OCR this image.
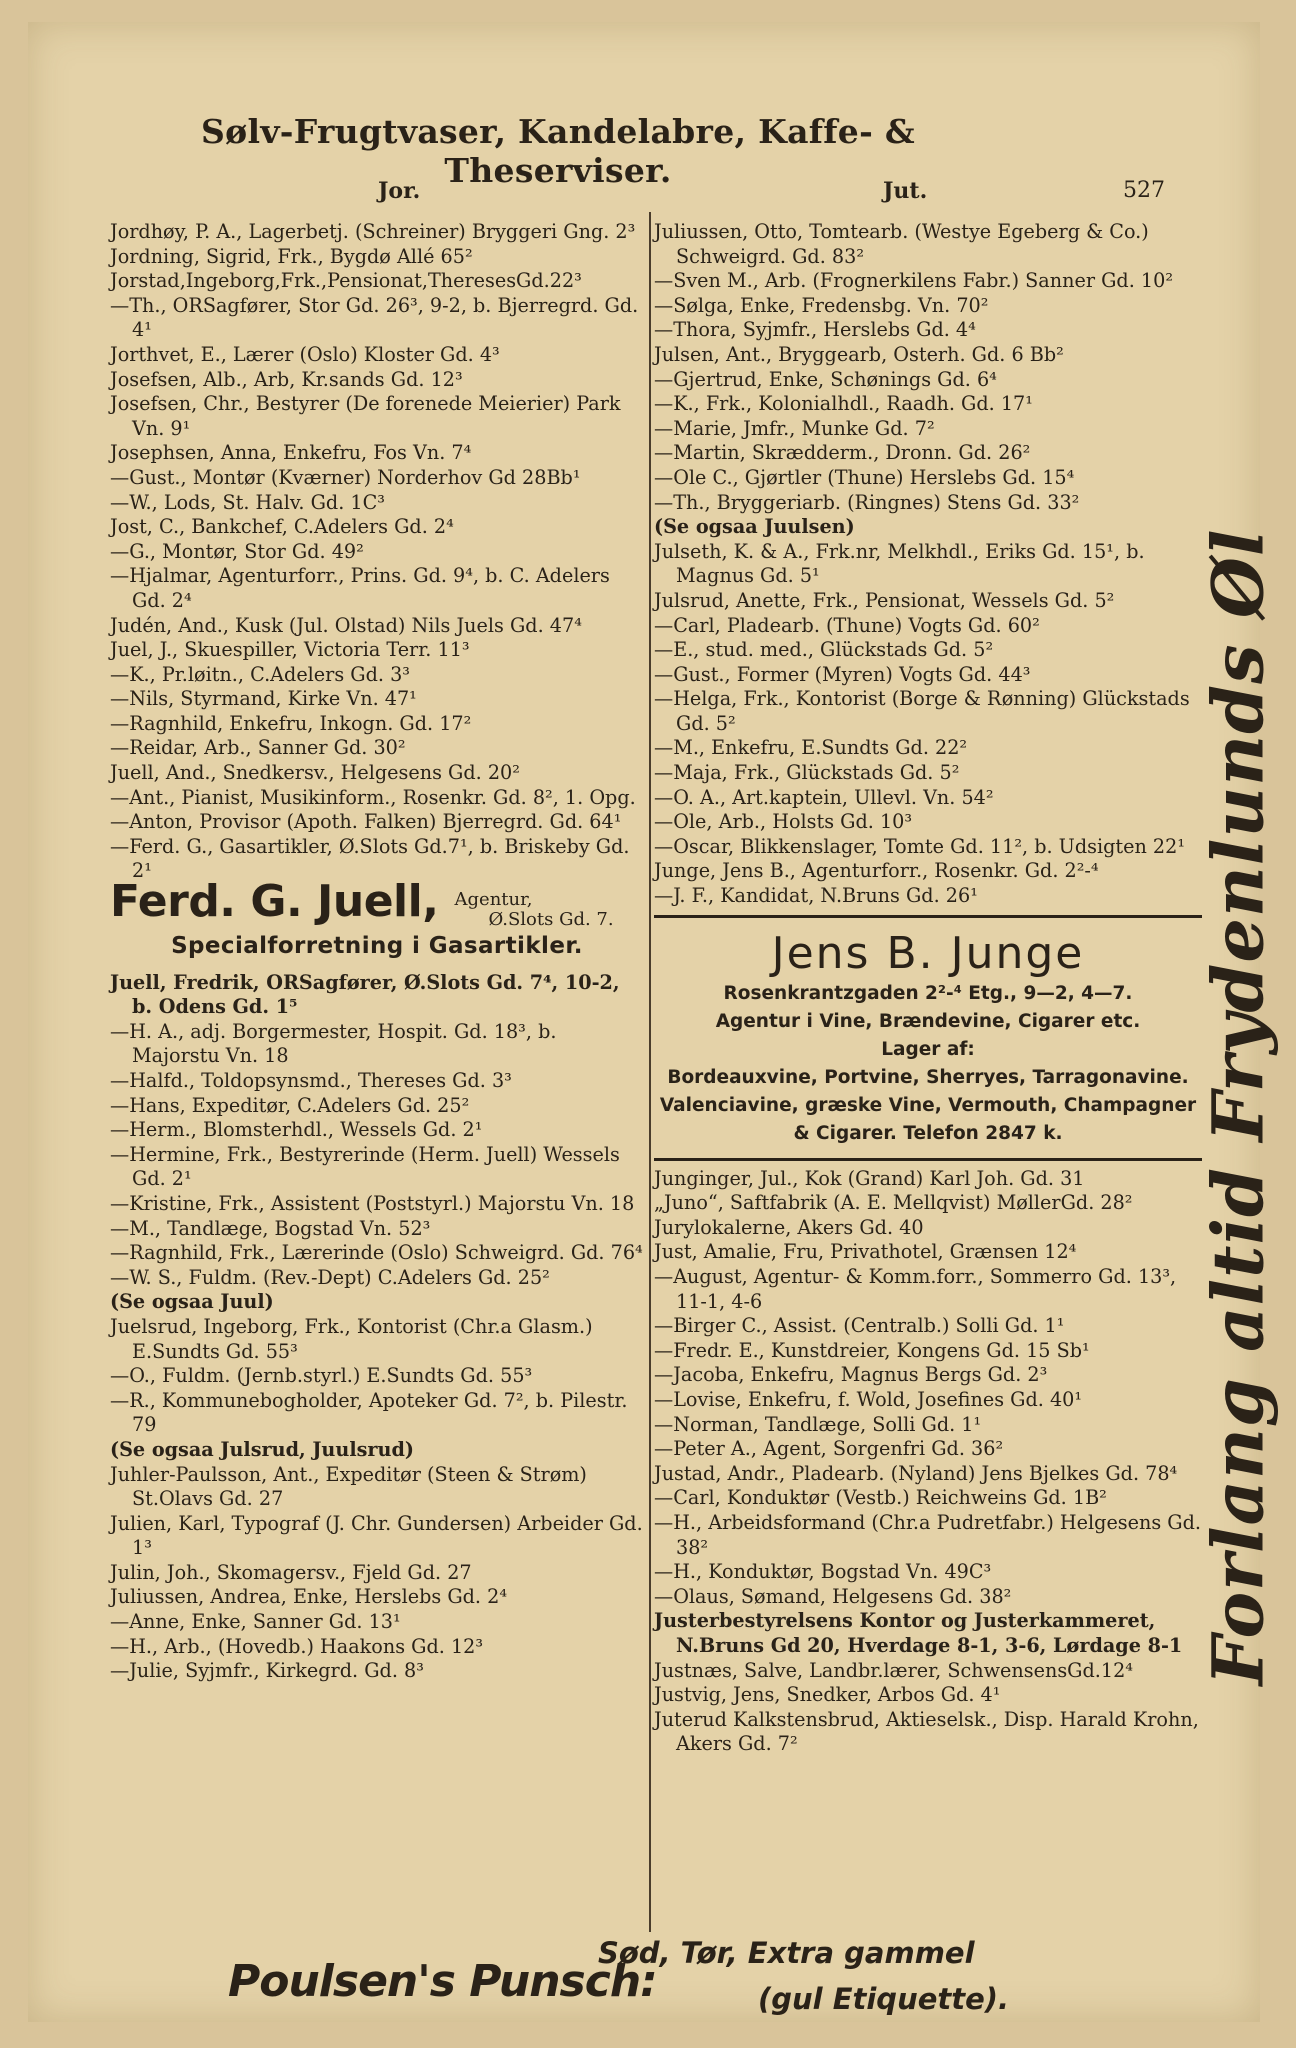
Sølv-Frugtvaser, Kandelabre, Kaffe- & Theserviser.
Jor.	Jut.	527

Jordhøy, P. A., Lagerbetj. (Schreiner) Bryggeri Gng. 2³

Jordning, Sigrid, Frk., Bygdø Allé 65²

Jorstad,Ingeborg,Frk.,Pensionat,TheresesGd.22³

—Th., ORSagfører, Stor Gd. 26³, 9-2, b. Bjerregrd. Gd. 4¹

Jorthvet, E., Lærer (Oslo) Kloster Gd. 4³

Josefsen, Alb., Arb, Kr.sands Gd. 12³

Josefsen, Chr., Bestyrer (De forenede Meierier) Park Vn. 9¹

Josephsen, Anna, Enkefru, Fos Vn. 7⁴

—Gust., Montør (Kværner) Norderhov Gd 28Bb¹

—W., Lods, St. Halv. Gd. 1C³

Jost, C., Bankchef, C.Adelers Gd. 2⁴

—G., Montør, Stor Gd. 49²

—Hjalmar, Agenturforr., Prins. Gd. 9⁴, b. C. Adelers Gd. 2⁴

Judén, And., Kusk (Jul. Olstad) Nils Juels Gd. 47⁴

Juel, J., Skuespiller, Victoria Terr. 11³

—K., Pr.løitn., C.Adelers Gd. 3³

—Nils, Styrmand, Kirke Vn. 47¹

—Ragnhild, Enkefru, Inkogn. Gd. 17²

—Reidar, Arb., Sanner Gd. 30²

Juell, And., Snedkersv., Helgesens Gd. 20²

—Ant., Pianist, Musikinform., Rosenkr. Gd. 8², 1. Opg.

—Anton, Provisor (Apoth. Falken) Bjerregrd. Gd. 64¹

—Ferd. G., Gasartikler, Ø.Slots Gd.7¹, b. Briskeby Gd. 2¹

Ferd. G. Juell, Agentur,
Ø.Slots Gd. 7.
Specialforretning i Gasartikler.

Juell, Fredrik, ORSagfører, Ø.Slots Gd. 7⁴, 10-2, b. Odens Gd. 1⁵

—H. A., adj. Borgermester, Hospit. Gd. 18³, b. Majorstu Vn. 18

—Halfd., Toldopsynsmd., Thereses Gd. 3³

—Hans, Expeditør, C.Adelers Gd. 25²

—Herm., Blomsterhdl., Wessels Gd. 2¹

—Hermine, Frk., Bestyrerinde (Herm. Juell) Wessels Gd. 2¹

—Kristine, Frk., Assistent (Poststyrl.) Majorstu Vn. 18

—M., Tandlæge, Bogstad Vn. 52³

—Ragnhild, Frk., Lærerinde (Oslo) Schweigrd. Gd. 76⁴

—W. S., Fuldm. (Rev.-Dept) C.Adelers Gd. 25²

(Se ogsaa Juul)

Juelsrud, Ingeborg, Frk., Kontorist (Chr.a Glasm.) E.Sundts Gd. 55³

—O., Fuldm. (Jernb.styrl.) E.Sundts Gd. 55³

—R., Kommunebogholder, Apoteker Gd. 7², b. Pilestr. 79

(Se ogsaa Julsrud, Juulsrud)

Juhler-Paulsson, Ant., Expeditør (Steen & Strøm) St.Olavs Gd. 27

Julien, Karl, Typograf (J. Chr. Gundersen) Arbeider Gd. 1³

Julin, Joh., Skomagersv., Fjeld Gd. 27

Juliussen, Andrea, Enke, Herslebs Gd. 2⁴

—Anne, Enke, Sanner Gd. 13¹

—H., Arb., (Hovedb.) Haakons Gd. 12³

—Julie, Syjmfr., Kirkegrd. Gd. 8³

Juliussen, Otto, Tomtearb. (Westye Egeberg & Co.) Schweigrd. Gd. 83²

—Sven M., Arb. (Frognerkilens Fabr.) Sanner Gd. 10²

—Sølga, Enke, Fredensbg. Vn. 70²

—Thora, Syjmfr., Herslebs Gd. 4⁴

Julsen, Ant., Bryggearb, Osterh. Gd. 6 Bb²

—Gjertrud, Enke, Schønings Gd. 6⁴

—K., Frk., Kolonialhdl., Raadh. Gd. 17¹

—Marie, Jmfr., Munke Gd. 7²

—Martin, Skrædderm., Dronn. Gd. 26²

—Ole C., Gjørtler (Thune) Herslebs Gd. 15⁴

—Th., Bryggeriarb. (Ringnes) Stens Gd. 33²

(Se ogsaa Juulsen)

Julseth, K. & A., Frk.nr, Melkhdl., Eriks Gd. 15¹, b. Magnus Gd. 5¹

Julsrud, Anette, Frk., Pensionat, Wessels Gd. 5²

—Carl, Pladearb. (Thune) Vogts Gd. 60²

—E., stud. med., Glückstads Gd. 5²

—Gust., Former (Myren) Vogts Gd. 44³

—Helga, Frk., Kontorist (Borge & Rønning) Glückstads Gd. 5²

—M., Enkefru, E.Sundts Gd. 22²

—Maja, Frk., Glückstads Gd. 5²

—O. A., Art.kaptein, Ullevl. Vn. 54²

—Ole, Arb., Holsts Gd. 10³

—Oscar, Blikkenslager, Tomte Gd. 11², b. Udsigten 22¹

Junge, Jens B., Agenturforr., Rosenkr. Gd. 2²-⁴

—J. F., Kandidat, N.Bruns Gd. 26¹

Jens B. Junge
Rosenkrantzgaden 2²-⁴ Etg., 9—2, 4—7.
Agentur i Vine, Brændevine, Cigarer etc.
Lager af:
Bordeauxvine, Portvine, Sherryes, Tarragonavine.
Valenciavine, græske Vine, Vermouth, Champagner & Cigarer. Telefon 2847 k.

Junginger, Jul., Kok (Grand) Karl Joh. Gd. 31

„Juno“, Saftfabrik (A. E. Mellqvist) MøllerGd. 28²

Jurylokalerne, Akers Gd. 40

Just, Amalie, Fru, Privathotel, Grænsen 12⁴

—August, Agentur- & Komm.forr., Sommerro Gd. 13³, 11-1, 4-6

—Birger C., Assist. (Centralb.) Solli Gd. 1¹

—Fredr. E., Kunstdreier, Kongens Gd. 15 Sb¹

—Jacoba, Enkefru, Magnus Bergs Gd. 2³

—Lovise, Enkefru, f. Wold, Josefines Gd. 40¹

—Norman, Tandlæge, Solli Gd. 1¹

—Peter A., Agent, Sorgenfri Gd. 36²

Justad, Andr., Pladearb. (Nyland) Jens Bjelkes Gd. 78⁴

—Carl, Konduktør (Vestb.) Reichweins Gd. 1B²

—H., Arbeidsformand (Chr.a Pudretfabr.) Helgesens Gd. 38²

—H., Konduktør, Bogstad Vn. 49C³

—Olaus, Sømand, Helgesens Gd. 38²

Justerbestyrelsens Kontor og Justerkammeret, N.Bruns Gd 20, Hverdage 8-1, 3-6, Lørdage 8-1

Justnæs, Salve, Landbr.lærer, SchwensensGd.12⁴

Justvig, Jens, Snedker, Arbos Gd. 4¹

Juterud Kalkstensbrud, Aktieselsk., Disp. Harald Krohn, Akers Gd. 7²

Forlang altid Frydenlunds Øl
Poulsen's Punsch:
Sød, Tør, Extra gammel
(gul Etiquette).
